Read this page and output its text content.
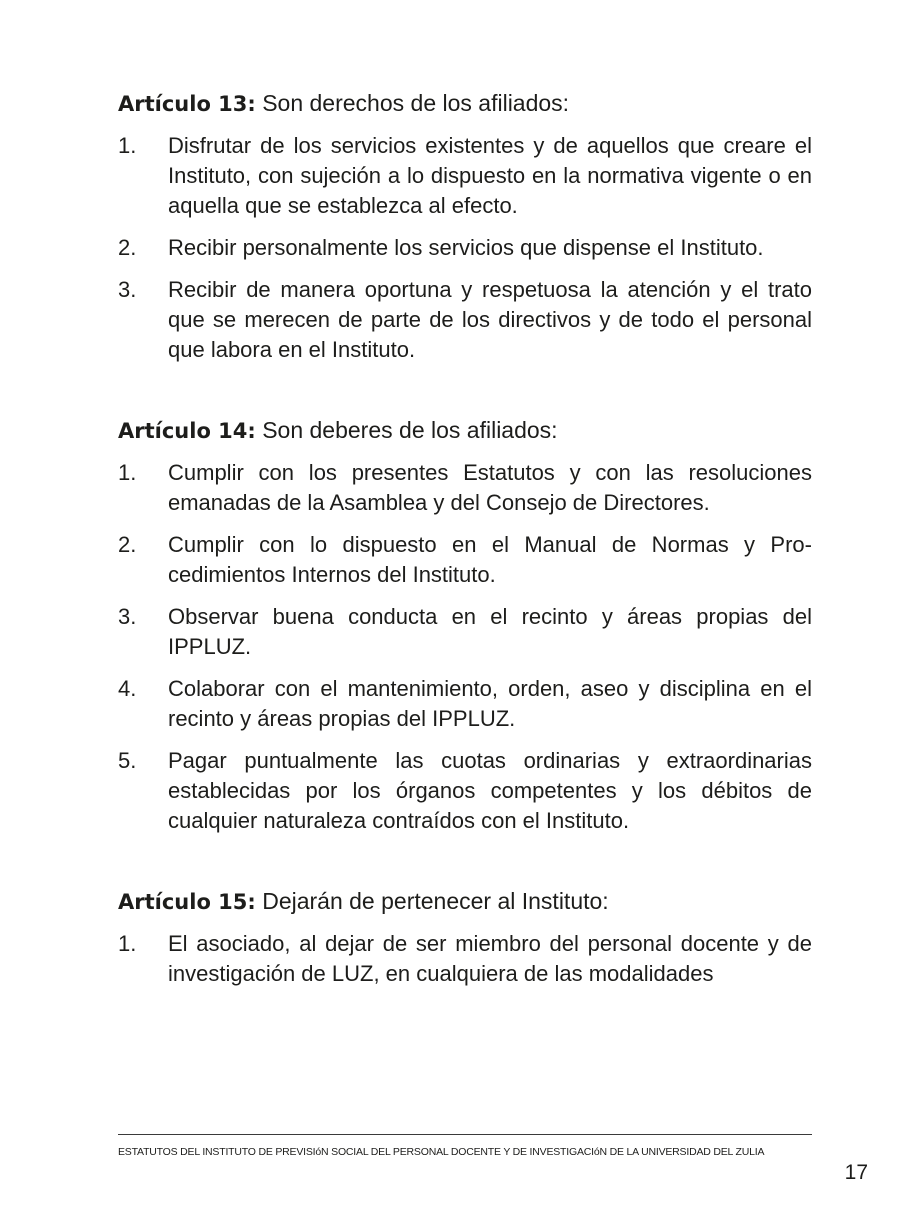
Artículo 13: Son derechos de los afiliados:

1.	Disfrutar de los servicios existentes y de aquellos que creare el Instituto, con sujeción a lo dispuesto en la normativa vigente o en aquella que se establezca al efecto.
2.	Recibir personalmente los servicios que dispense el Instituto.
3.	Recibir de manera oportuna y respetuosa la atención y el trato que se merecen de parte de los directivos y de todo el personal que labora en el Instituto.

Artículo 14: Son deberes de los afiliados:

1.	Cumplir con los presentes Estatutos y con las resoluciones emanadas de la Asamblea y del Consejo de Directores.
2.	Cumplir con lo dispuesto en el Manual de Normas y Procedimientos Internos del Instituto.
3.	Observar buena conducta en el recinto y áreas propias del IPPLUZ.
4.	Colaborar con el mantenimiento, orden, aseo y disciplina en el recinto y áreas propias del IPPLUZ.
5.	Pagar puntualmente las cuotas ordinarias y extraordinarias establecidas por los órganos competentes y los débitos de cualquier naturaleza contraídos con el Instituto.

Artículo 15: Dejarán de pertenecer al Instituto:

1.	El asociado, al dejar de ser miembro del personal docente y de investigación de LUZ, en cualquiera de las modalidades
ESTATUTOS DEL INSTITUTO DE PREVISIóN SOCIAL DEL PERSONAL DOCENTE Y DE INVESTIGACIóN DE LA UNIVERSIDAD DEL ZULIA
17
